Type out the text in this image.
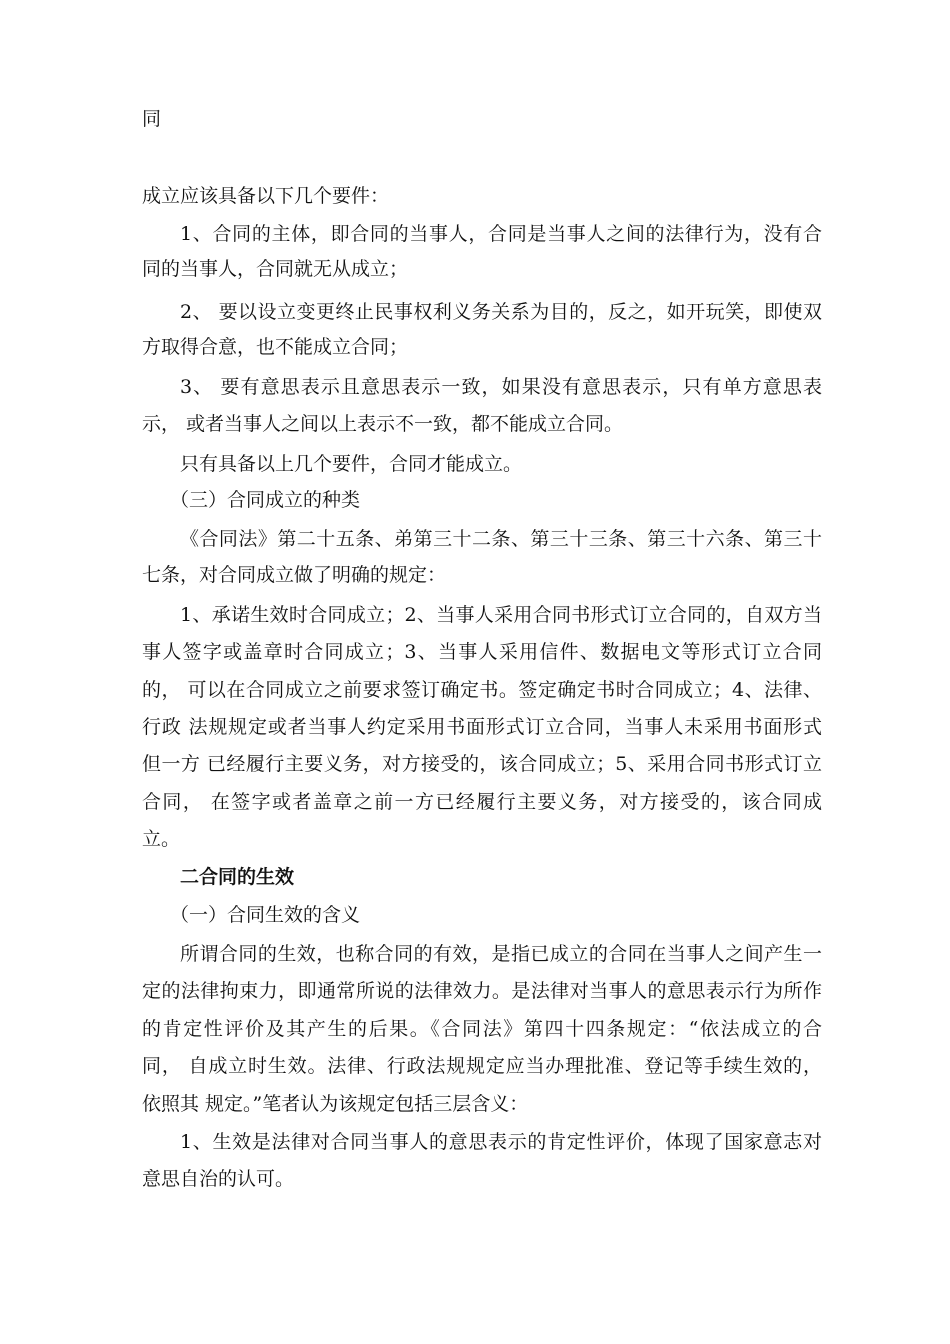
同

成立应该具备以下几个要件：

1、合同的主体，即合同的当事人，合同是当事人之间的法律行为，没有合

同的当事人，合同就无从成立；

2、 要以设立变更终止民事权利义务关系为目的，反之，如开玩笑，即使双

方取得合意，也不能成立合同；

3、 要有意思表示且意思表示一致，如果没有意思表示，只有单方意思表

示， 或者当事人之间以上表示不一致，都不能成立合同。

只有具备以上几个要件，合同才能成立。

（三）合同成立的种类

《合同法》第二十五条、弟第三十二条、第三十三条、第三十六条、第三十

七条，对合同成立做了明确的规定：

1、承诺生效时合同成立；2、当事人采用合同书形式订立合同的，自双方当

事人签字或盖章时合同成立；3、当事人采用信件、数据电文等形式订立合同

的， 可以在合同成立之前要求签订确定书。签定确定书时合同成立；4、法律、

行政 法规规定或者当事人约定采用书面形式订立合同，当事人未采用书面形式

但一方 已经履行主要义务，对方接受的，该合同成立；5、采用合同书形式订立

合同， 在签字或者盖章之前一方已经履行主要义务，对方接受的，该合同成

立。

二合同的生效

（一）合同生效的含义

所谓合同的生效，也称合同的有效，是指已成立的合同在当事人之间产生一

定的法律拘束力，即通常所说的法律效力。是法律对当事人的意思表示行为所作

的肯定性评价及其产生的后果。《合同法》第四十四条规定：“依法成立的合

同， 自成立时生效。法律、行政法规规定应当办理批准、登记等手续生效的，

依照其 规定。”笔者认为该规定包括三层含义：

1、生效是法律对合同当事人的意思表示的肯定性评价，体现了国家意志对

意思自治的认可。
